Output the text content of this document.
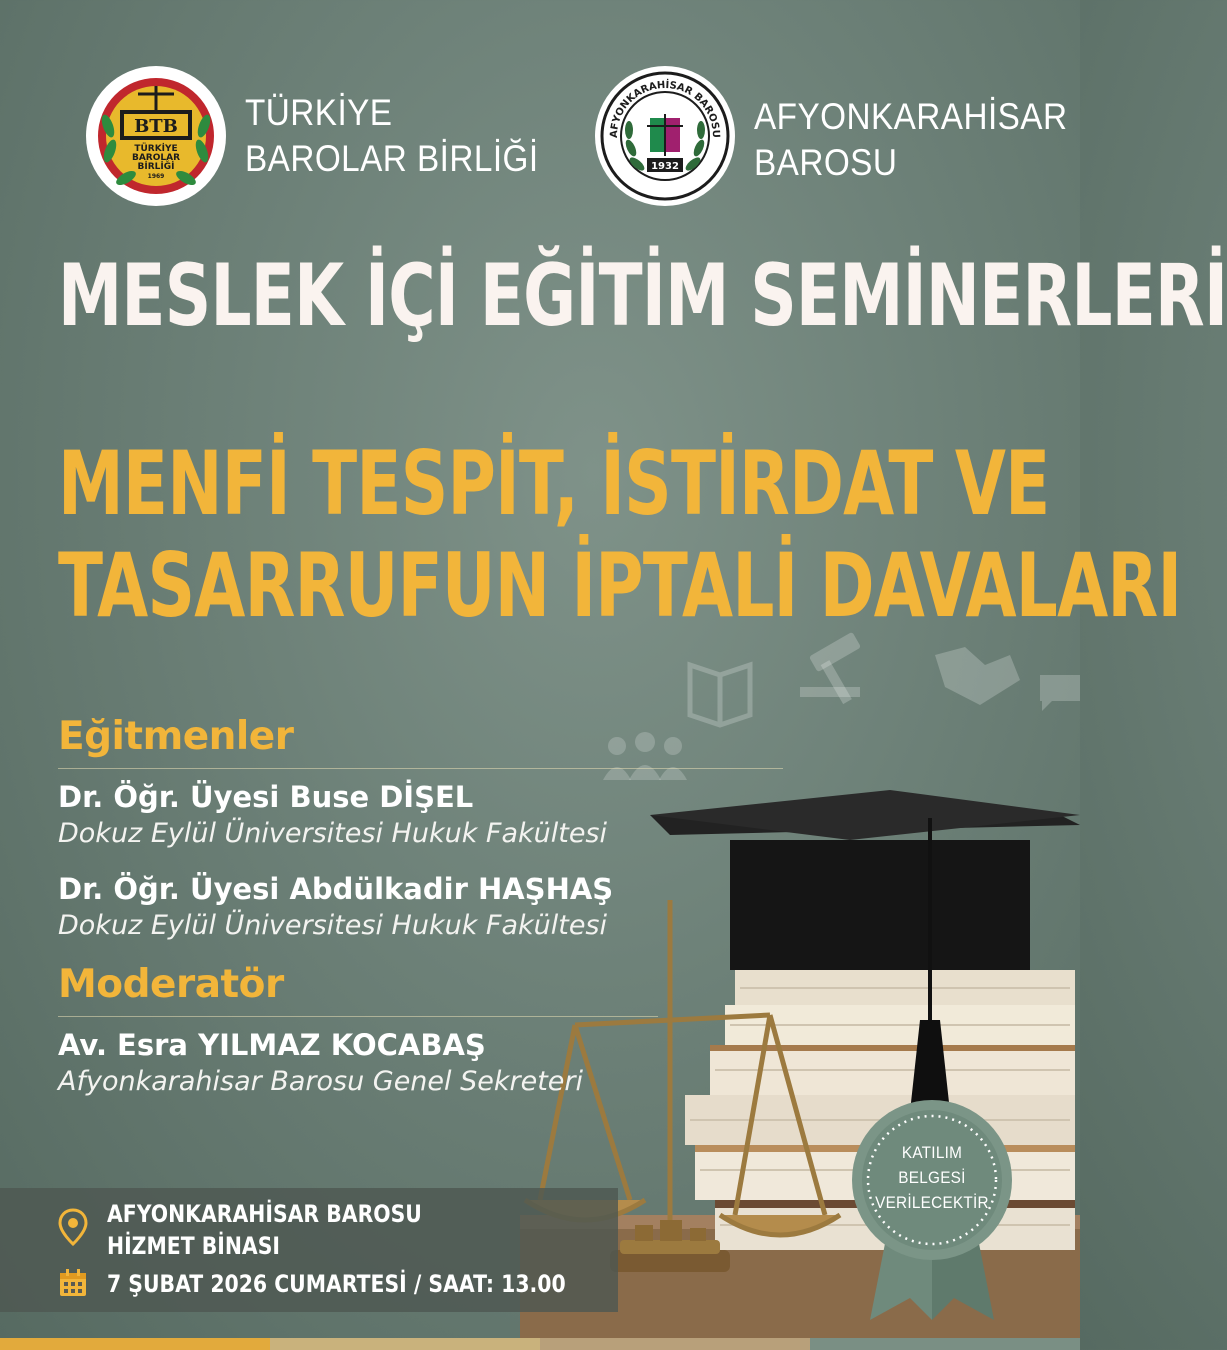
B​T​B
TÜRKİYE
BAROLAR
BİRLİĞİ
1969
TÜRKİYE
BAROLAR BİRLİĞİ
AFYONKARAHİSAR BAROSU
1932
AFYONKARAHİSAR
BAROSU
MESLEK İÇİ EĞİTİM SEMİNERLERİ
MENFİ TESPİT, İSTİRDAT VE
TASARRUFUN İPTALİ DAVALARI
Eğitmenler
Dr. Öğr. Üyesi Buse DİŞEL
Dokuz Eylül Üniversitesi Hukuk Fakültesi
Dr. Öğr. Üyesi Abdülkadir HAŞHAŞ
Dokuz Eylül Üniversitesi Hukuk Fakültesi
Moderatör
Av. Esra YILMAZ KOCABAŞ
Afyonkarahisar Barosu Genel Sekreteri
AFYONKARAHİSAR BAROSU
HİZMET BİNASI
7 ŞUBAT 2026 CUMARTESİ / SAAT: 13.00
KATILIM
BELGESİ
VERİLECEKTİR
